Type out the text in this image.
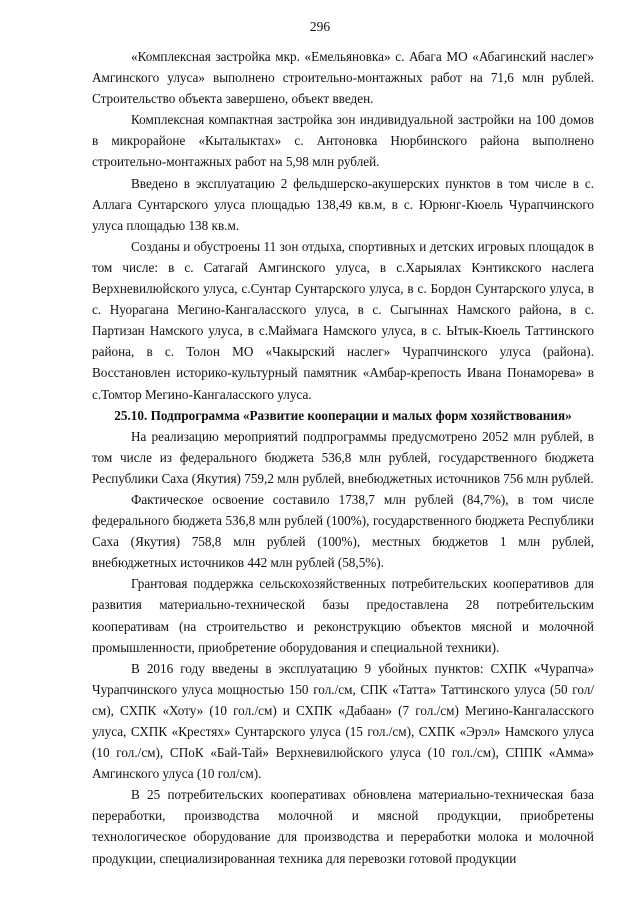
296

«Комплексная застройка мкр. «Емельяновка» с. Абага МО «Абагинский наслег» Амгинского улуса» выполнено строительно-монтажных работ на 71,6 млн рублей. Строительство объекта завершено, объект введен.

Комплексная компактная застройка зон индивидуальной застройки на 100 домов в микрорайоне «Кыталыктах» с. Антоновка Нюрбинского района выполнено строительно-монтажных работ на 5,98 млн рублей.

Введено в эксплуатацию 2 фельдшерско-акушерских пунктов в том числе в с. Аллага Сунтарского улуса площадью 138,49 кв.м, в с. Юрюнг-Кюель Чурапчинского улуса площадью 138 кв.м.

Созданы и обустроены 11 зон отдыха, спортивных и детских игровых площадок в том числе: в с. Сатагай Амгинского улуса, в с.Харыялах Кэнтикского наслега Верхневилюйского улуса, с.Сунтар Сунтарского улуса, в с. Бордон Сунтарского улуса, в с. Нуорагана Мегино-Кангаласского улуса, в с. Сыгыннах Намского района, в с. Партизан Намского улуса, в с.Маймага Намского улуса, в с. Ытык-Кюель Таттинского района, в с. Толон МО «Чакырский наслег» Чурапчинского улуса (района). Восстановлен историко-культурный памятник «Амбар-крепость Ивана Понаморева» в с.Томтор Мегино-Кангаласского улуса.

25.10. Подпрограмма «Развитие кооперации и малых форм хозяйствования»

На реализацию мероприятий подпрограммы предусмотрено 2052 млн рублей, в том числе из федерального бюджета 536,8 млн рублей, государственного бюджета Республики Саха (Якутия) 759,2 млн рублей, внебюджетных источников 756 млн рублей.

Фактическое освоение составило 1738,7 млн рублей (84,7%), в том числе федерального бюджета 536,8 млн рублей (100%), государственного бюджета Республики Саха (Якутия) 758,8 млн рублей (100%), местных бюджетов 1 млн рублей, внебюджетных источников 442 млн рублей (58,5%).

Грантовая поддержка сельскохозяйственных потребительских кооперативов для развития материально-технической базы предоставлена 28 потребительским кооперативам (на строительство и реконструкцию объектов мясной и молочной промышленности, приобретение оборудования и специальной техники).

В 2016 году введены в эксплуатацию 9 убойных пунктов: СХПК «Чурапча» Чурапчинского улуса мощностью 150 гол./см, СПК «Татта» Таттинского улуса (50 гол/см), СХПК «Хоту» (10 гол./см) и СХПК «Дабаан» (7 гол./см) Мегино-Кангаласского улуса, СХПК «Крестях» Сунтарского улуса (15 гол./см), СХПК «Эрэл» Намского улуса (10 гол./см), СПоК «Бай-Тай» Верхневилюйского улуса (10 гол./см), СППК «Амма» Амгинского улуса (10 гол/см).

В 25 потребительских кооперативах обновлена материально-техническая база переработки, производства молочной и мясной продукции, приобретены технологическое оборудование для производства и переработки молока и молочной продукции, специализированная техника для перевозки готовой продукции
